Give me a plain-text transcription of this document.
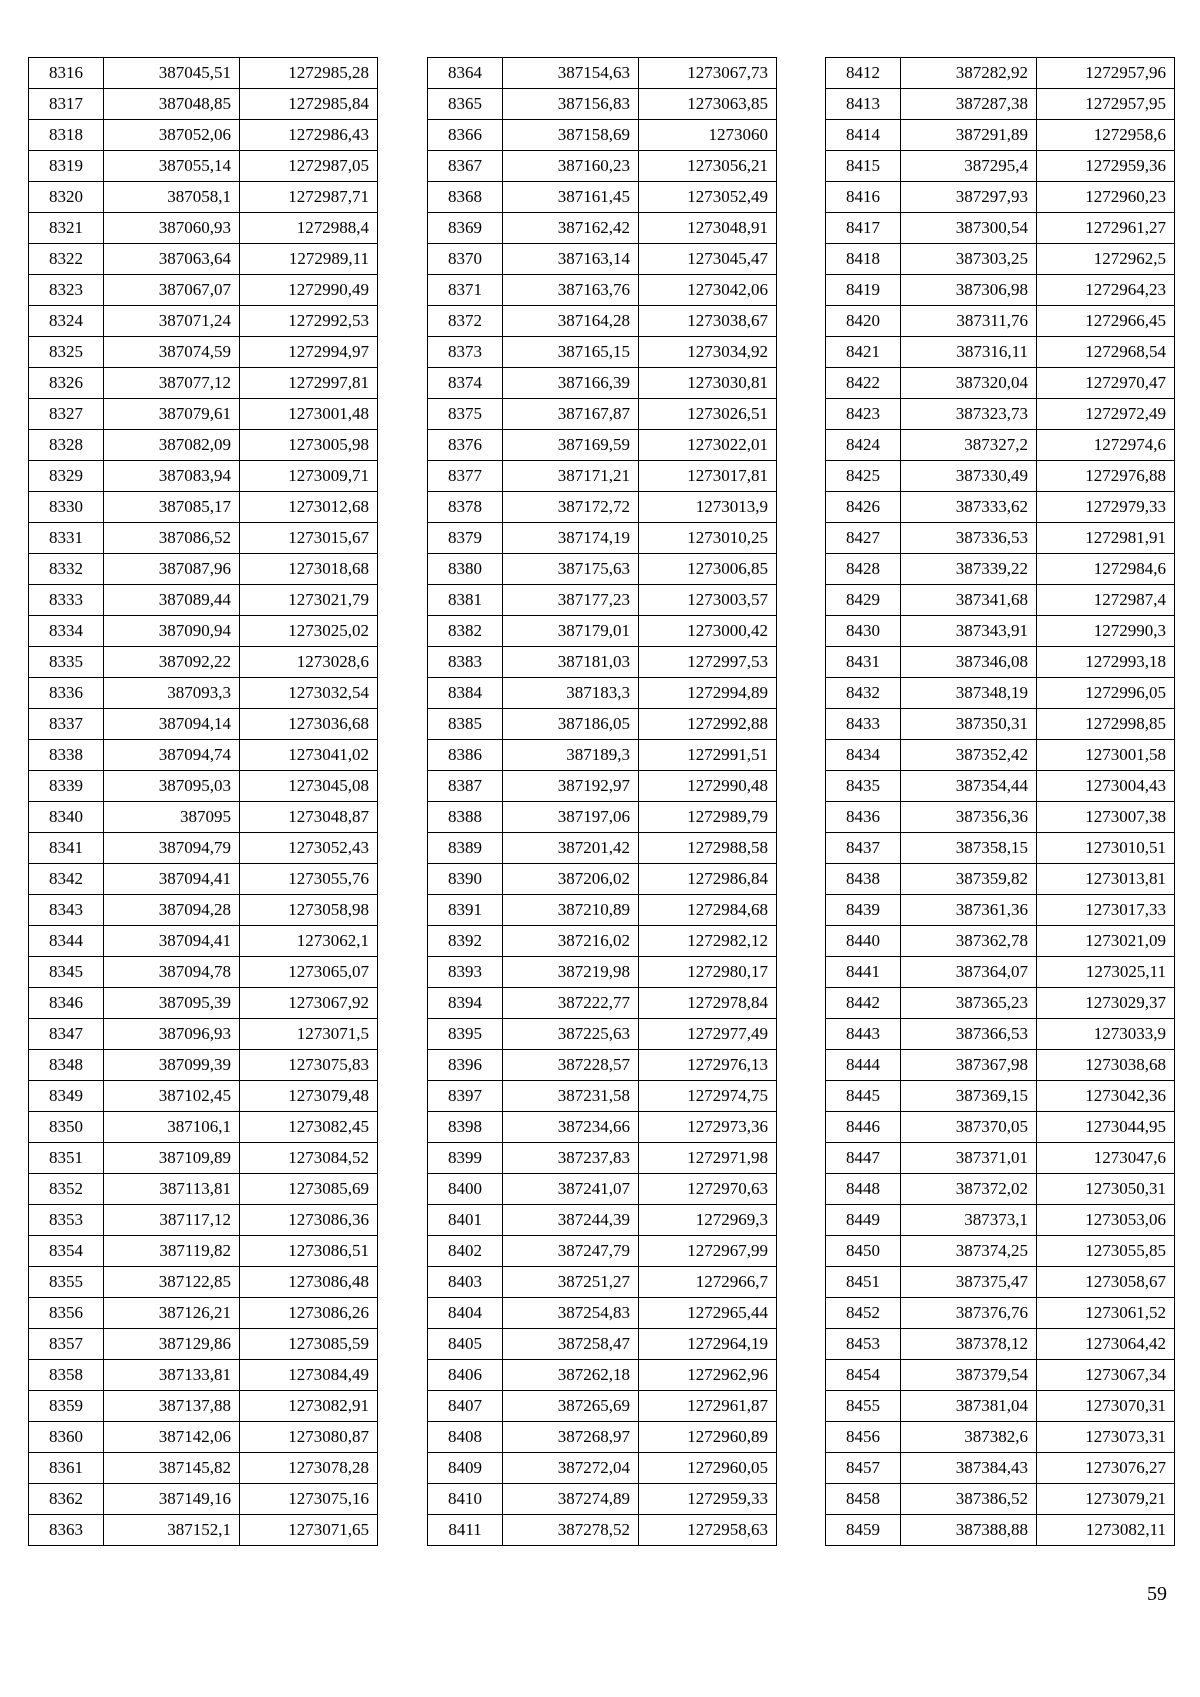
8316	387045,51	1272985,28
8317	387048,85	1272985,84
8318	387052,06	1272986,43
8319	387055,14	1272987,05
8320	387058,1	1272987,71
8321	387060,93	1272988,4
8322	387063,64	1272989,11
8323	387067,07	1272990,49
8324	387071,24	1272992,53
8325	387074,59	1272994,97
8326	387077,12	1272997,81
8327	387079,61	1273001,48
8328	387082,09	1273005,98
8329	387083,94	1273009,71
8330	387085,17	1273012,68
8331	387086,52	1273015,67
8332	387087,96	1273018,68
8333	387089,44	1273021,79
8334	387090,94	1273025,02
8335	387092,22	1273028,6
8336	387093,3	1273032,54
8337	387094,14	1273036,68
8338	387094,74	1273041,02
8339	387095,03	1273045,08
8340	387095	1273048,87
8341	387094,79	1273052,43
8342	387094,41	1273055,76
8343	387094,28	1273058,98
8344	387094,41	1273062,1
8345	387094,78	1273065,07
8346	387095,39	1273067,92
8347	387096,93	1273071,5
8348	387099,39	1273075,83
8349	387102,45	1273079,48
8350	387106,1	1273082,45
8351	387109,89	1273084,52
8352	387113,81	1273085,69
8353	387117,12	1273086,36
8354	387119,82	1273086,51
8355	387122,85	1273086,48
8356	387126,21	1273086,26
8357	387129,86	1273085,59
8358	387133,81	1273084,49
8359	387137,88	1273082,91
8360	387142,06	1273080,87
8361	387145,82	1273078,28
8362	387149,16	1273075,16
8363	387152,1	1273071,65
8364	387154,63	1273067,73
8365	387156,83	1273063,85
8366	387158,69	1273060
8367	387160,23	1273056,21
8368	387161,45	1273052,49
8369	387162,42	1273048,91
8370	387163,14	1273045,47
8371	387163,76	1273042,06
8372	387164,28	1273038,67
8373	387165,15	1273034,92
8374	387166,39	1273030,81
8375	387167,87	1273026,51
8376	387169,59	1273022,01
8377	387171,21	1273017,81
8378	387172,72	1273013,9
8379	387174,19	1273010,25
8380	387175,63	1273006,85
8381	387177,23	1273003,57
8382	387179,01	1273000,42
8383	387181,03	1272997,53
8384	387183,3	1272994,89
8385	387186,05	1272992,88
8386	387189,3	1272991,51
8387	387192,97	1272990,48
8388	387197,06	1272989,79
8389	387201,42	1272988,58
8390	387206,02	1272986,84
8391	387210,89	1272984,68
8392	387216,02	1272982,12
8393	387219,98	1272980,17
8394	387222,77	1272978,84
8395	387225,63	1272977,49
8396	387228,57	1272976,13
8397	387231,58	1272974,75
8398	387234,66	1272973,36
8399	387237,83	1272971,98
8400	387241,07	1272970,63
8401	387244,39	1272969,3
8402	387247,79	1272967,99
8403	387251,27	1272966,7
8404	387254,83	1272965,44
8405	387258,47	1272964,19
8406	387262,18	1272962,96
8407	387265,69	1272961,87
8408	387268,97	1272960,89
8409	387272,04	1272960,05
8410	387274,89	1272959,33
8411	387278,52	1272958,63
8412	387282,92	1272957,96
8413	387287,38	1272957,95
8414	387291,89	1272958,6
8415	387295,4	1272959,36
8416	387297,93	1272960,23
8417	387300,54	1272961,27
8418	387303,25	1272962,5
8419	387306,98	1272964,23
8420	387311,76	1272966,45
8421	387316,11	1272968,54
8422	387320,04	1272970,47
8423	387323,73	1272972,49
8424	387327,2	1272974,6
8425	387330,49	1272976,88
8426	387333,62	1272979,33
8427	387336,53	1272981,91
8428	387339,22	1272984,6
8429	387341,68	1272987,4
8430	387343,91	1272990,3
8431	387346,08	1272993,18
8432	387348,19	1272996,05
8433	387350,31	1272998,85
8434	387352,42	1273001,58
8435	387354,44	1273004,43
8436	387356,36	1273007,38
8437	387358,15	1273010,51
8438	387359,82	1273013,81
8439	387361,36	1273017,33
8440	387362,78	1273021,09
8441	387364,07	1273025,11
8442	387365,23	1273029,37
8443	387366,53	1273033,9
8444	387367,98	1273038,68
8445	387369,15	1273042,36
8446	387370,05	1273044,95
8447	387371,01	1273047,6
8448	387372,02	1273050,31
8449	387373,1	1273053,06
8450	387374,25	1273055,85
8451	387375,47	1273058,67
8452	387376,76	1273061,52
8453	387378,12	1273064,42
8454	387379,54	1273067,34
8455	387381,04	1273070,31
8456	387382,6	1273073,31
8457	387384,43	1273076,27
8458	387386,52	1273079,21
8459	387388,88	1273082,11
59
